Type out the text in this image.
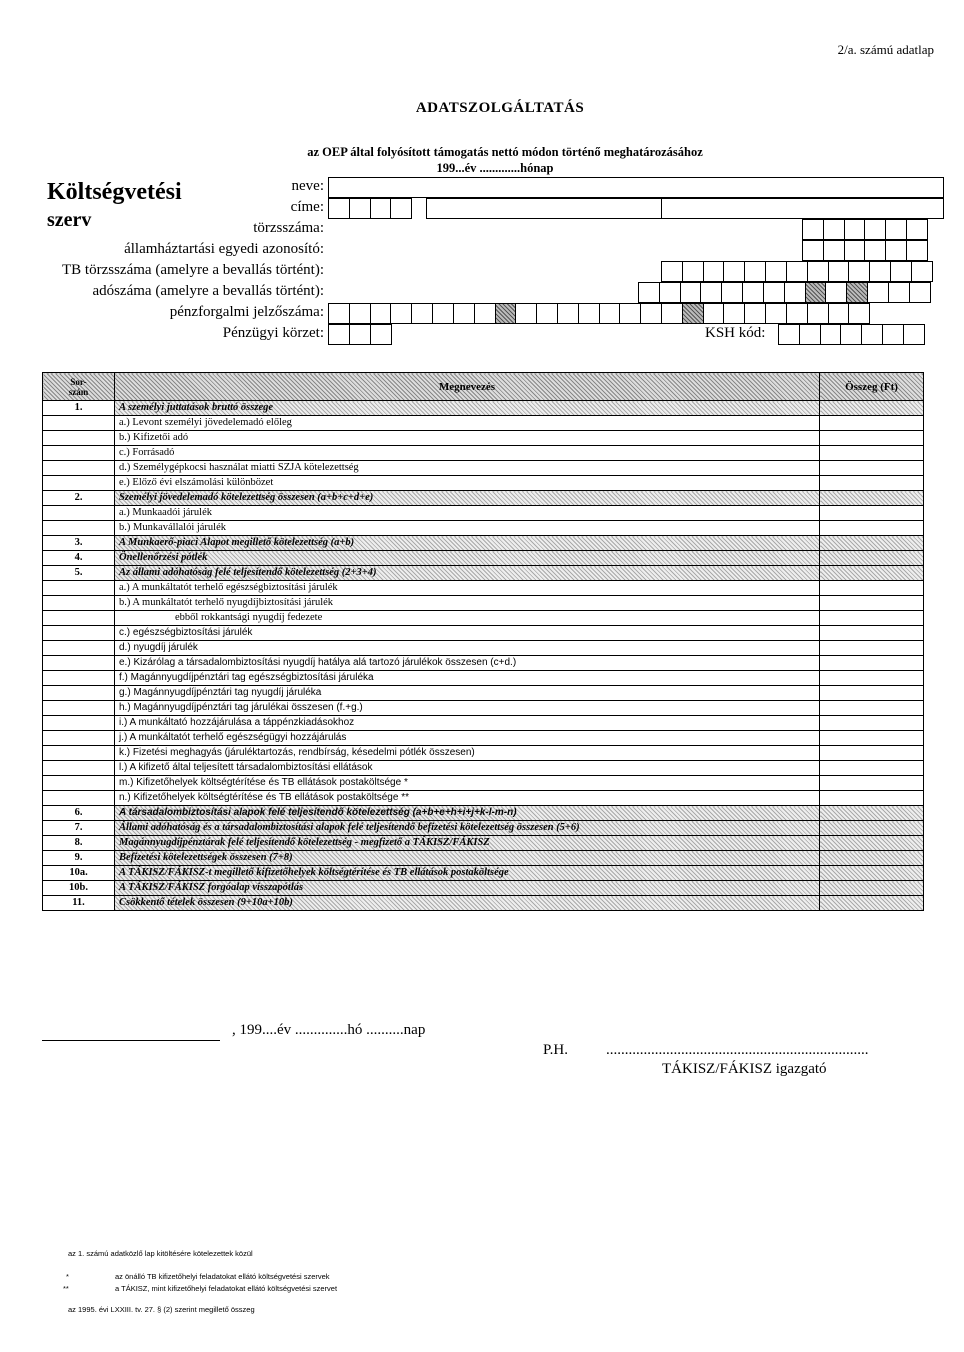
2/a. számú adatlap
ADATSZOLGÁLTATÁS
az OEP által folyósított támogatás nettó módon történő meghatározásához
199...év .............hónap
Költségvetési
szerv
neve:
címe:
törzsszáma:
államháztartási egyedi azonosító:
TB törzsszáma (amelyre a bevallás történt):
adószáma (amelyre a bevallás történt):
pénzforgalmi jelzőszáma:
Pénzügyi körzet:	KSH kód:
Sor-
szám	Megnevezés	Összeg (Ft)
1.	A személyi juttatások bruttó összege	
	a.) Levont személyi jövedelemadó előleg	
	b.) Kifizetői adó	
	c.) Forrásadó	
	d.) Személygépkocsi használat miatti SZJA kötelezettség	
	e.) Előző évi elszámolási különbözet	
2.	Személyi jövedelemadó kötelezettség összesen (a+b+c+d+e)	
	a.) Munkaadói járulék	
	b.) Munkavállalói járulék	
3.	A Munkaerő-piaci Alapot megillető kötelezettség (a+b)	
4.	Önellenőrzési pótlék	
5.	Az állami adóhatóság felé teljesítendő kötelezettség (2+3+4)	
	a.) A munkáltatót terhelő egészségbiztosítási járulék	
	b.) A munkáltatót terhelő nyugdíjbiztosítási járulék	
	ebből rokkantsági nyugdíj fedezete	
	c.) egészségbiztosítási járulék	
	d.) nyugdíj járulék	
	e.) Kizárólag a társadalombiztosítási nyugdíj hatálya alá tartozó járulékok összesen (c+d.)	
	f.) Magánnyugdíjpénztári tag egészségbiztosítási járuléka	
	g.) Magánnyugdíjpénztári tag nyugdíj járuléka	
	h.) Magánnyugdíjpénztári tag járulékai összesen (f.+g.)	
	i.) A munkáltató hozzájárulása a táppénzkiadásokhoz	
	j.) A munkáltatót terhelő egészségügyi hozzájárulás	
	k.) Fizetési meghagyás (járuléktartozás, rendbírság, késedelmi pótlék összesen)	
	l.) A kifizető által teljesített társadalombiztosítási ellátások	
	m.) Kifizetőhelyek költségtérítése és TB ellátások postaköltsége *	
	n.) Kifizetőhelyek költségtérítése és TB ellátások postaköltsége **	
6.	A társadalombiztosítási alapok felé teljesítendő kötelezettség (a+b+e+h+i+j+k-l-m-n)	
7.	Állami adóhatóság és a társadalombiztosítási alapok felé teljesítendő befizetési kötelezettség összesen (5+6)	
8.	Magánnyugdíjpénztárak felé teljesítendő kötelezettség - megfizető a TÁKISZ/FÁKISZ	
9.	Befizetési kötelezettségek összesen (7+8)	
10a.	A TÁKISZ/FÁKISZ-t megillető kifizetőhelyek költségtérítése és TB ellátások postaköltsége	
10b.	A TÁKISZ/FÁKISZ forgóalap visszapótlás	
11.	Csökkentő tételek összesen (9+10a+10b)	
, 199....év ..............hó ..........nap
P.H.	......................................................................
TÁKISZ/FÁKISZ igazgató
az 1. számú adatközlő lap kitöltésére kötelezettek közül
*	az önálló TB kifizetőhelyi feladatokat ellátó költségvetési szervek
**	a TÁKISZ, mint kifizetőhelyi feladatokat ellátó költségvetési szervet
az 1995. évi LXXIII. tv. 27. § (2) szerint megillető összeg
